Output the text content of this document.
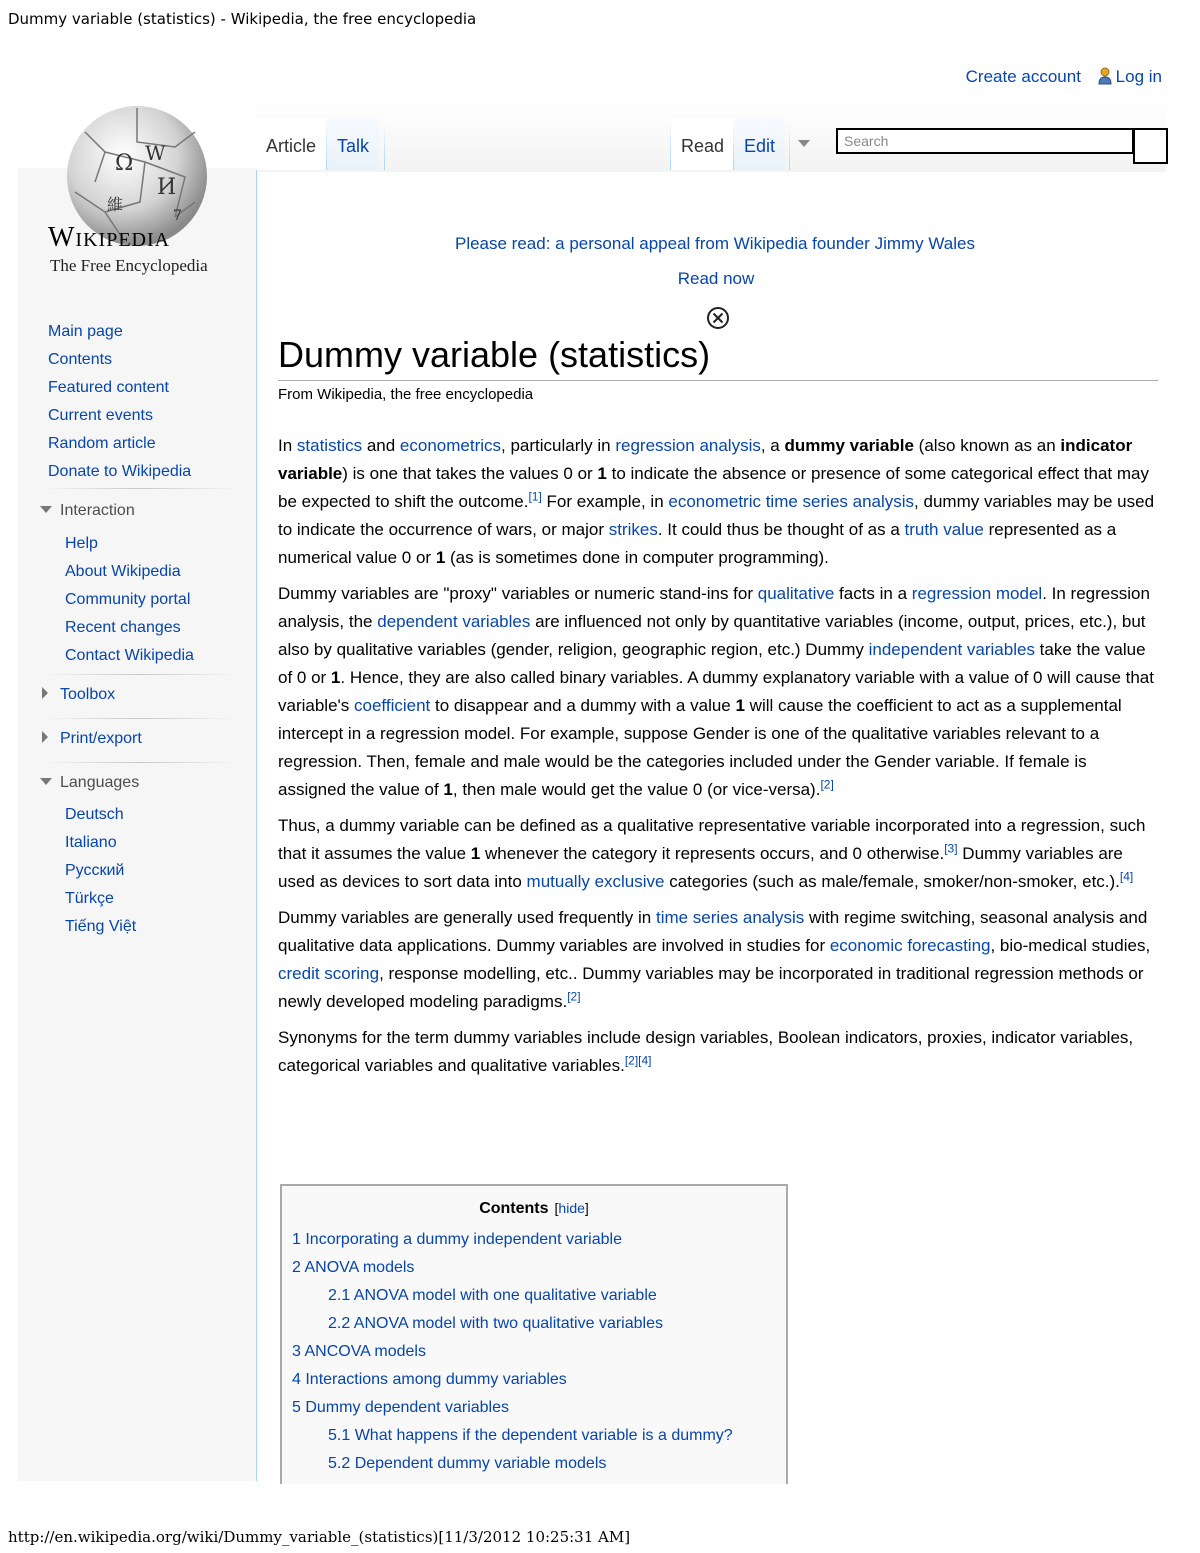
Dummy variable (statistics) - Wikipedia, the free encyclopedia
Create account Log in
Ω W
И
維
7
Wikipedia
The Free Encyclopedia
Article	Talk	Read	Edit	Search
Main page
Contents
Featured content
Current events
Random article
Donate to Wikipedia
Interaction
Help
About Wikipedia
Community portal
Recent changes
Contact Wikipedia
Toolbox
Print/export
Languages
Deutsch
Italiano
Русский
Türkçe
Tiếng Việt
Please read: a personal appeal from Wikipedia founder Jimmy Wales
Read now
Dummy variable (statistics)
From Wikipedia, the free encyclopedia

In statistics and econometrics, particularly in regression analysis, a dummy variable (also known as an indicator variable) is one that takes the values 0 or 1 to indicate the absence or presence of some categorical effect that may be expected to shift the outcome.[1] For example, in econometric time series analysis, dummy variables may be used to indicate the occurrence of wars, or major strikes. It could thus be thought of as a truth value represented as a numerical value 0 or 1 (as is sometimes done in computer programming).

Dummy variables are "proxy" variables or numeric stand-ins for qualitative facts in a regression model. In regression analysis, the dependent variables are influenced not only by quantitative variables (income, output, prices, etc.), but also by qualitative variables (gender, religion, geographic region, etc.) Dummy independent variables take the value of 0 or 1. Hence, they are also called binary variables. A dummy explanatory variable with a value of 0 will cause that variable's coefficient to disappear and a dummy with a value 1 will cause the coefficient to act as a supplemental intercept in a regression model. For example, suppose Gender is one of the qualitative variables relevant to a regression. Then, female and male would be the categories included under the Gender variable. If female is assigned the value of 1, then male would get the value 0 (or vice-versa).[2]

Thus, a dummy variable can be defined as a qualitative representative variable incorporated into a regression, such that it assumes the value 1 whenever the category it represents occurs, and 0 otherwise.[3] Dummy variables are used as devices to sort data into mutually exclusive categories (such as male/female, smoker/non-smoker, etc.).[4]

Dummy variables are generally used frequently in time series analysis with regime switching, seasonal analysis and qualitative data applications. Dummy variables are involved in studies for economic forecasting, bio-medical studies, credit scoring, response modelling, etc.. Dummy variables may be incorporated in traditional regression methods or newly developed modeling paradigms.[2]

Synonyms for the term dummy variables include design variables, Boolean indicators, proxies, indicator variables, categorical variables and qualitative variables.[2][4]

Contents [hide]
1 Incorporating a dummy independent variable
2 ANOVA models
2.1 ANOVA model with one qualitative variable
2.2 ANOVA model with two qualitative variables
3 ANCOVA models
4 Interactions among dummy variables
5 Dummy dependent variables
5.1 What happens if the dependent variable is a dummy?
5.2 Dependent dummy variable models
http://en.wikipedia.org/wiki/Dummy_variable_(statistics)[11/3/2012 10:25:31 AM]
